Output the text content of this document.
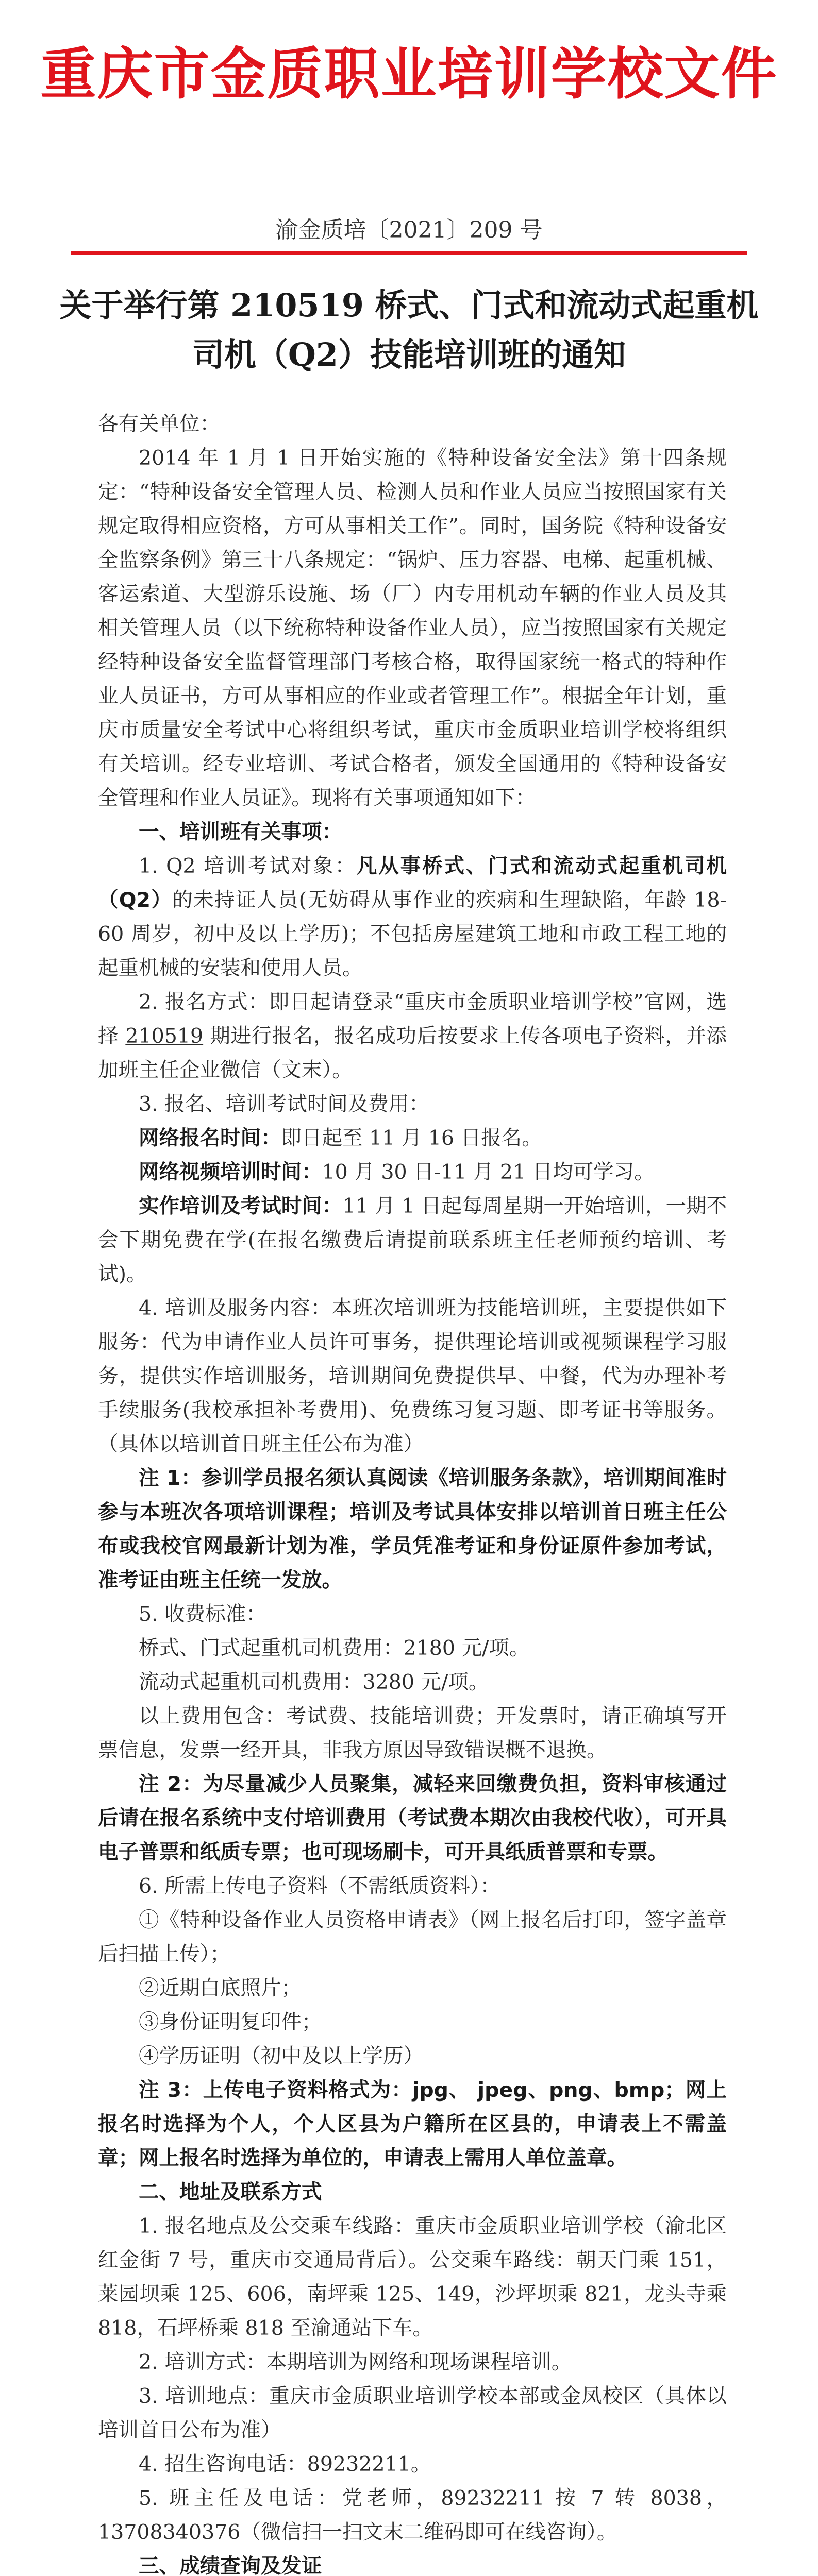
重庆市金质职业培训学校文件
渝金质培〔2021〕209 号
关于举行第 210519 桥式、门式和流动式起重机司机（Q2）技能培训班的通知

各有关单位：

2014 年 1 月 1 日开始实施的《特种设备安全法》第十四条规定：“特种设备安全管理人员、检测人员和作业人员应当按照国家有关规定取得相应资格，方可从事相关工作”。同时，国务院《特种设备安全监察条例》第三十八条规定：“锅炉、压力容器、电梯、起重机械、客运索道、大型游乐设施、场（厂）内专用机动车辆的作业人员及其相关管理人员（以下统称特种设备作业人员），应当按照国家有关规定经特种设备安全监督管理部门考核合格，取得国家统一格式的特种作业人员证书，方可从事相应的作业或者管理工作”。根据全年计划，重庆市质量安全考试中心将组织考试，重庆市金质职业培训学校将组织有关培训。经专业培训、考试合格者，颁发全国通用的《特种设备安全管理和作业人员证》。现将有关事项通知如下：

一、培训班有关事项：

1. Q2 培训考试对象：凡从事桥式、门式和流动式起重机司机（Q2）的未持证人员(无妨碍从事作业的疾病和生理缺陷，年龄 18-60 周岁，初中及以上学历)；不包括房屋建筑工地和市政工程工地的起重机械的安装和使用人员。

2. 报名方式：即日起请登录“重庆市金质职业培训学校”官网，选择 210519 期进行报名，报名成功后按要求上传各项电子资料，并添加班主任企业微信（文末）。

3. 报名、培训考试时间及费用：

网络报名时间：即日起至 11 月 16 日报名。

网络视频培训时间：10 月 30 日-11 月 21 日均可学习。

实作培训及考试时间：11 月 1 日起每周星期一开始培训，一期不会下期免费在学(在报名缴费后请提前联系班主任老师预约培训、考试)。

4. 培训及服务内容：本班次培训班为技能培训班，主要提供如下服务：代为申请作业人员许可事务，提供理论培训或视频课程学习服务，提供实作培训服务，培训期间免费提供早、中餐，代为办理补考手续服务(我校承担补考费用)、免费练习复习题、即考证书等服务。（具体以培训首日班主任公布为准）

注 1：参训学员报名须认真阅读《培训服务条款》，培训期间准时参与本班次各项培训课程；培训及考试具体安排以培训首日班主任公布或我校官网最新计划为准，学员凭准考证和身份证原件参加考试，准考证由班主任统一发放。

5. 收费标准：

桥式、门式起重机司机费用：2180 元/项。

流动式起重机司机费用：3280 元/项。

以上费用包含：考试费、技能培训费；开发票时，请正确填写开票信息，发票一经开具，非我方原因导致错误概不退换。

注 2：为尽量减少人员聚集，减轻来回缴费负担，资料审核通过后请在报名系统中支付培训费用（考试费本期次由我校代收），可开具电子普票和纸质专票；也可现场刷卡，可开具纸质普票和专票。

6. 所需上传电子资料（不需纸质资料）：

①《特种设备作业人员资格申请表》（网上报名后打印，签字盖章后扫描上传）；

②近期白底照片；

③身份证明复印件；

④学历证明（初中及以上学历）

注 3：上传电子资料格式为：jpg、 jpeg、png、bmp；网上报名时选择为个人，个人区县为户籍所在区县的，申请表上不需盖章；网上报名时选择为单位的，申请表上需用人单位盖章。

二、地址及联系方式

1. 报名地点及公交乘车线路：重庆市金质职业培训学校（渝北区红金街 7 号，重庆市交通局背后）。公交乘车路线：朝天门乘 151，莱园坝乘 125、606，南坪乘 125、149，沙坪坝乘 821，龙头寺乘 818，石坪桥乘 818 至渝通站下车。

2. 培训方式：本期培训为网络和现场课程培训。

3. 培训地点：重庆市金质职业培训学校本部或金凤校区（具体以培训首日公布为准）

4. 招生咨询电话：89232211。

5. 班主任及电话：党老师，89232211 按 7 转 8038，13708340376（微信扫一扫文末二维码即可在线咨询）。

三、成绩查询及发证
